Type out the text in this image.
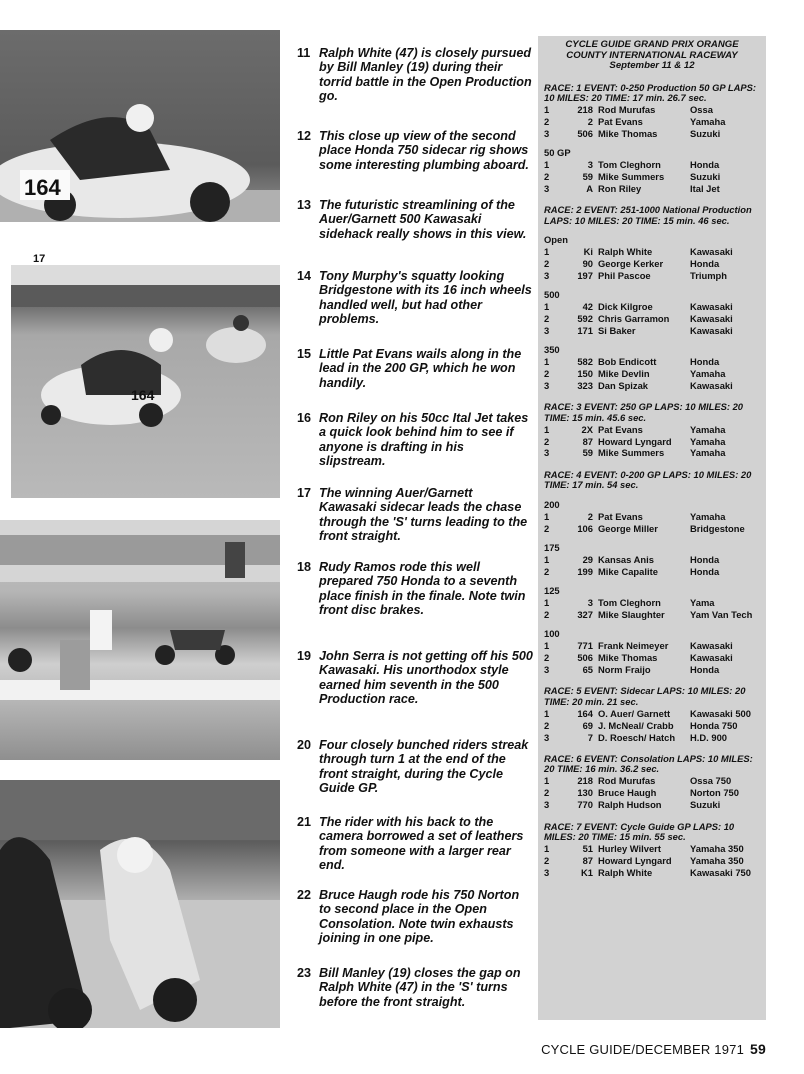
164
17
164
11 Ralph White (47) is closely pursued by Bill Manley (19) during their torrid battle in the Open Production go.
12 This close up view of the second place Honda 750 sidecar rig shows some interesting plumbing aboard.
13 The futuristic streamlining of the Auer/Garnett 500 Kawasaki sidehack really shows in this view.
14 Tony Murphy's squatty looking Bridgestone with its 16 inch wheels handled well, but had other problems.
15 Little Pat Evans wails along in the lead in the 200 GP, which he won handily.
16 Ron Riley on his 50cc Ital Jet takes a quick look behind him to see if anyone is drafting in his slipstream.
17 The winning Auer/Garnett Kawasaki sidecar leads the chase through the 'S' turns leading to the front straight.
18 Rudy Ramos rode this well prepared 750 Honda to a seventh place finish in the finale. Note twin front disc brakes.
19 John Serra is not getting off his 500 Kawasaki. His unorthodox style earned him seventh in the 500 Production race.
20 Four closely bunched riders streak through turn 1 at the end of the front straight, during the Cycle Guide GP.
21 The rider with his back to the camera borrowed a set of leathers from someone with a larger rear end.
22 Bruce Haugh rode his 750 Norton to second place in the Open Consolation. Note twin exhausts joining in one pipe.
23 Bill Manley (19) closes the gap on Ralph White (47) in the 'S' turns before the front straight.
CYCLE GUIDE GRAND PRIX ORANGE COUNTY INTERNATIONAL RACEWAY
September 11 & 12
RACE: 1 EVENT: 0-250 Production 50 GP LAPS: 10 MILES: 20 TIME: 17 min. 26.7 sec.
1	218 Rod Murufas	Ossa
2	2 Pat Evans	Yamaha
3	506 Mike Thomas	Suzuki
50 GP
1	3 Tom Cleghorn	Honda
2	59 Mike Summers	Suzuki
3	A Ron Riley	Ital Jet
RACE: 2 EVENT: 251-1000 National Production LAPS: 10 MILES: 20 TIME: 15 min. 46 sec.
Open
1	Ki Ralph White	Kawasaki
2	90 George Kerker	Honda
3	197 Phil Pascoe	Triumph
500
1	42 Dick Kilgroe	Kawasaki
2	592 Chris Garramon	Kawasaki
3	171 Si Baker	Kawasaki
350
1	582 Bob Endicott	Honda
2	150 Mike Devlin	Yamaha
3	323 Dan Spizak	Kawasaki
RACE: 3 EVENT: 250 GP LAPS: 10 MILES: 20 TIME: 15 min. 45.6 sec.
1	2X Pat Evans	Yamaha
2	87 Howard Lyngard	Yamaha
3	59 Mike Summers	Yamaha
RACE: 4 EVENT: 0-200 GP LAPS: 10 MILES: 20 TIME: 17 min. 54 sec.
200
1	2 Pat Evans	Yamaha
2	106 George Miller	Bridgestone
175
1	29 Kansas Anis	Honda
2	199 Mike Capalite	Honda
125
1	3 Tom Cleghorn	Yama
2	327 Mike Slaughter	Yam Van Tech
100
1	771 Frank Neimeyer	Kawasaki
2	506 Mike Thomas	Kawasaki
3	65 Norm Fraijo	Honda
RACE: 5 EVENT: Sidecar LAPS: 10 MILES: 20 TIME: 20 min. 21 sec.
1	164 O. Auer/ Garnett	Kawasaki 500
2	69 J. McNeal/ Crabb	Honda 750
3	7 D. Roesch/ Hatch	H.D. 900
RACE: 6 EVENT: Consolation LAPS: 10 MILES: 20 TIME: 16 min. 36.2 sec.
1	218 Rod Murufas	Ossa 750
2	130 Bruce Haugh	Norton 750
3	770 Ralph Hudson	Suzuki
RACE: 7 EVENT: Cycle Guide GP LAPS: 10 MILES: 20 TIME: 15 min. 55 sec.
1	51 Hurley Wilvert	Yamaha 350
2	87 Howard Lyngard	Yamaha 350
3	K1 Ralph White	Kawasaki 750
CYCLE GUIDE/DECEMBER 1971 59
